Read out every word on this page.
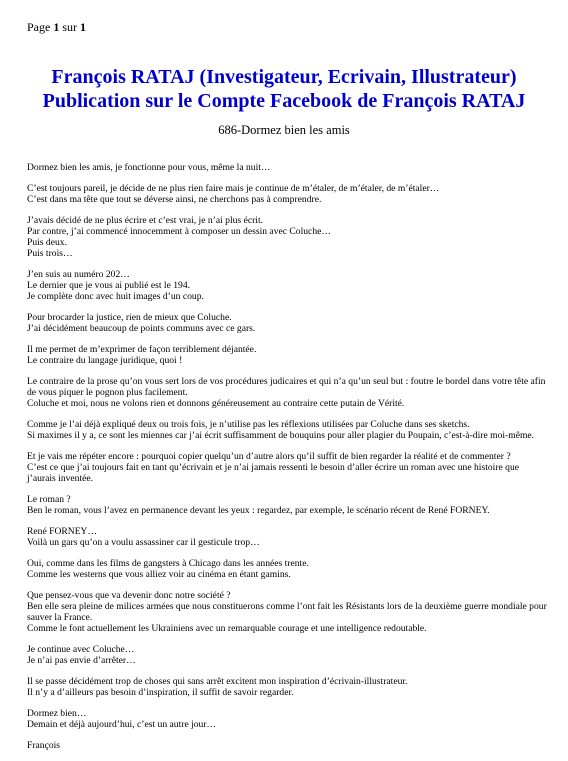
Page 1 sur 1
François RATAJ (Investigateur, Ecrivain, Illustrateur)
Publication sur le Compte Facebook de François RATAJ
686-Dormez bien les amis
Dormez bien les amis, je fonctionne pour vous, même la nuit…
C’est toujours pareil, je décide de ne plus rien faire mais je continue de m’étaler, de m’étaler, de m’étaler…
C’est dans ma tête que tout se déverse ainsi, ne cherchons pas à comprendre.
J’avais décidé de ne plus écrire et c’est vrai, je n’ai plus écrit.
Par contre, j’ai commencé innocemment à composer un dessin avec Coluche…
Puis deux.
Puis trois…
J’en suis au numéro 202…
Le dernier que je vous ai publié est le 194.
Je complète donc avec huit images d’un coup.
Pour brocarder la justice, rien de mieux que Coluche.
J’ai décidément beaucoup de points communs avec ce gars.
Il me permet de m’exprimer de façon terriblement déjantée.
Le contraire du langage juridique, quoi !
Le contraire de la prose qu’on vous sert lors de vos procédures judicaires et qui n’a qu’un seul but : foutre le bordel dans votre tête afin de vous piquer le pognon plus facilement.
Coluche et moi, nous ne volons rien et donnons généreusement au contraire cette putain de Vérité.
Comme je l’ai déjà expliqué deux ou trois fois, je n’utilise pas les réflexions utilisées par Coluche dans ses sketchs.
Si maximes il y a, ce sont les miennes car j’ai écrit suffisamment de bouquins pour aller plagier du Poupain, c’est-à-dire moi-même.
Et je vais me répéter encore : pourquoi copier quelqu’un d’autre alors qu’il suffit de bien regarder la réalité et de commenter ?
C’est ce que j’ai toujours fait en tant qu’écrivain et je n’ai jamais ressenti le besoin d’aller écrire un roman avec une histoire que j’aurais inventée.
Le roman ?
Ben le roman, vous l’avez en permanence devant les yeux : regardez, par exemple, le scénario récent de René FORNEY.
René FORNEY…
Voilà un gars qu’on a voulu assassiner car il gesticule trop…
Oui, comme dans les films de gangsters à Chicago dans les années trente.
Comme les westerns que vous alliez voir au cinéma en étant gamins.
Que pensez-vous que va devenir donc notre société ?
Ben elle sera pleine de milices armées que nous constituerons comme l’ont fait les Résistants lors de la deuxième guerre mondiale pour sauver la France.
Comme le font actuellement les Ukrainiens avec un remarquable courage et une intelligence redoutable.
Je continue avec Coluche…
Je n’ai pas envie d’arrêter…
Il se passe décidément trop de choses qui sans arrêt excitent mon inspiration d’écrivain-illustrateur.
Il n’y a d’ailleurs pas besoin d’inspiration, il suffit de savoir regarder.
Dormez bien…
Demain et déjà aujourd’hui, c’est un autre jour…
François
